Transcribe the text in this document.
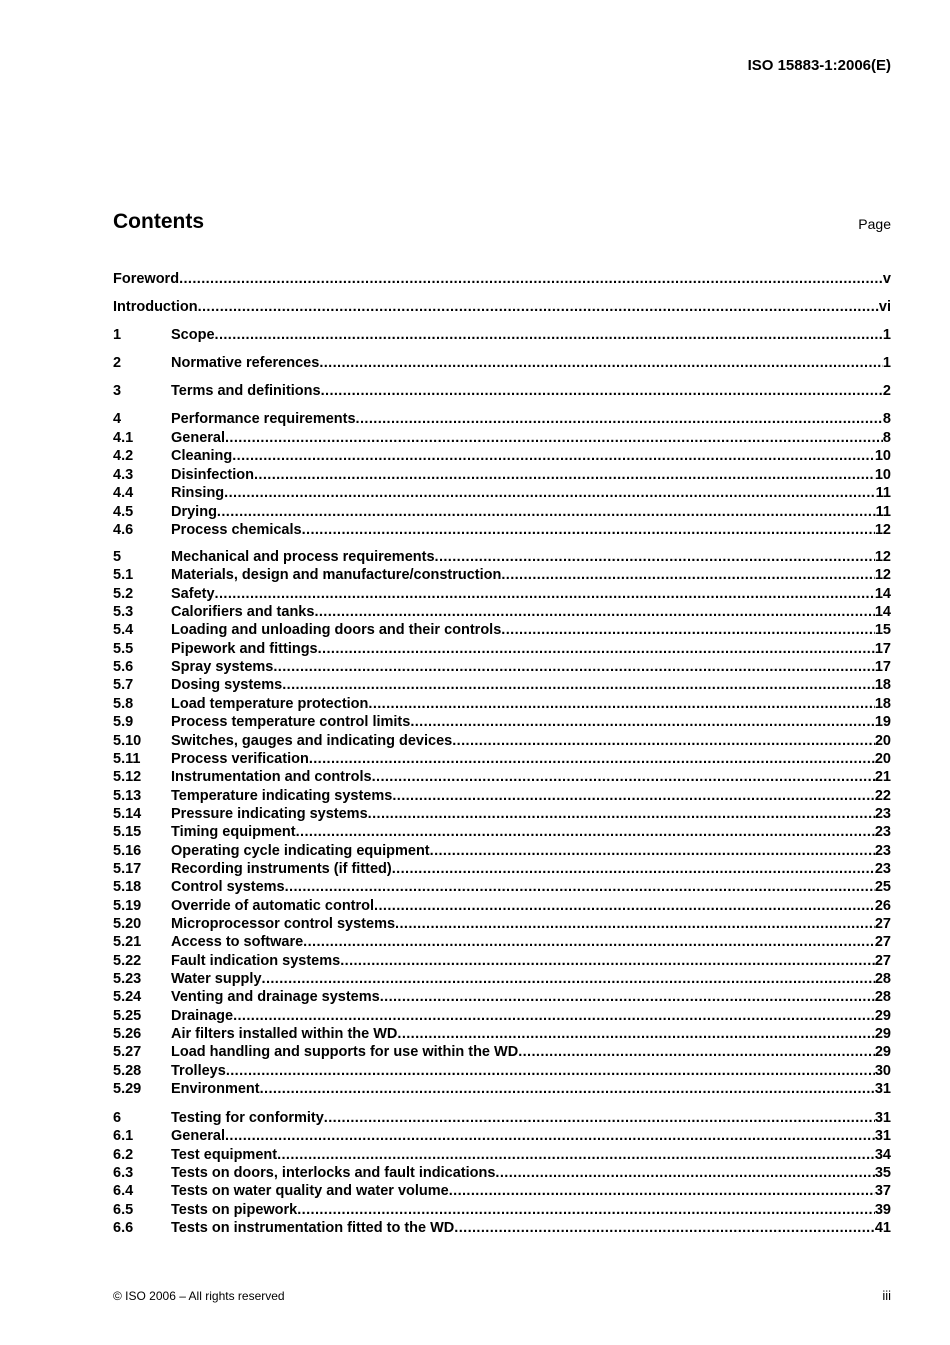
ISO 15883-1:2006(E)
Contents	Page
Foreword .....	v
Introduction .....	vi
1	Scope .....	1
2	Normative references .....	1
3	Terms and definitions .....	2
4	Performance requirements .....	8
4.1	General .....	8
4.2	Cleaning .....	10
4.3	Disinfection .....	10
4.4	Rinsing .....	11
4.5	Drying .....	11
4.6	Process chemicals .....	12
5	Mechanical and process requirements .....	12
5.1	Materials, design and manufacture/construction .....	12
5.2	Safety .....	14
5.3	Calorifiers and tanks .....	14
5.4	Loading and unloading doors and their controls .....	15
5.5	Pipework and fittings .....	17
5.6	Spray systems .....	17
5.7	Dosing systems .....	18
5.8	Load temperature protection .....	18
5.9	Process temperature control limits .....	19
5.10	Switches, gauges and indicating devices .....	20
5.11	Process verification .....	20
5.12	Instrumentation and controls .....	21
5.13	Temperature indicating systems .....	22
5.14	Pressure indicating systems .....	23
5.15	Timing equipment .....	23
5.16	Operating cycle indicating equipment .....	23
5.17	Recording instruments (if fitted) .....	23
5.18	Control systems .....	25
5.19	Override of automatic control .....	26
5.20	Microprocessor control systems .....	27
5.21	Access to software .....	27
5.22	Fault indication systems .....	27
5.23	Water supply .....	28
5.24	Venting and drainage systems .....	28
5.25	Drainage .....	29
5.26	Air filters installed within the WD .....	29
5.27	Load handling and supports for use within the WD .....	29
5.28	Trolleys .....	30
5.29	Environment .....	31
6	Testing for conformity .....	31
6.1	General .....	31
6.2	Test equipment .....	34
6.3	Tests on doors, interlocks and fault indications .....	35
6.4	Tests on water quality and water volume .....	37
6.5	Tests on pipework .....	39
6.6	Tests on instrumentation fitted to the WD .....	41
© ISO 2006 – All rights reserved	iii
